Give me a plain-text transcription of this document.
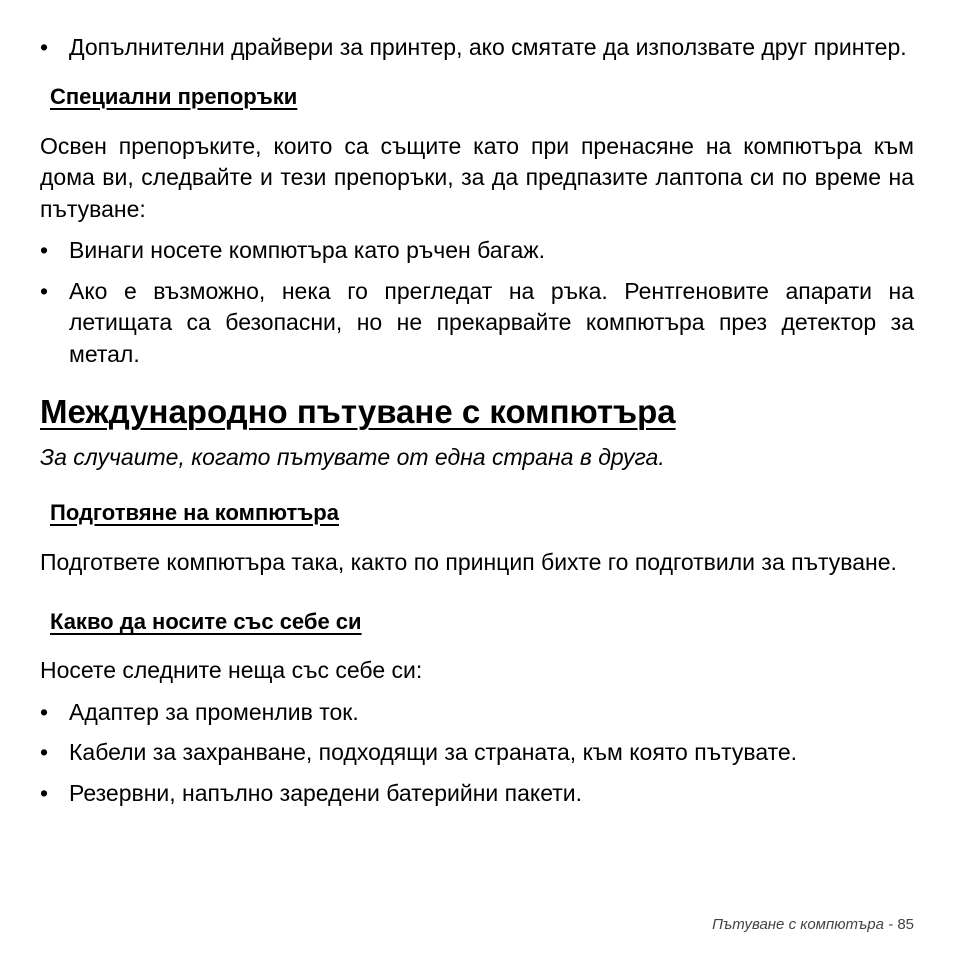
• Допълнителни драйвери за принтер, ако смятате да използвате друг принтер.
Специални препоръки

Освен препоръките, които са същите като при пренасяне на компютъра към дома ви, следвайте и тези препоръки, за да предпазите лаптопа си по време на пътуване:

• Винаги носете компютъра като ръчен багаж.
• Ако е възможно, нека го прегледат на ръка. Рентгеновите апарати на летищата са безопасни, но не прекарвайте компютъра през детектор за метал.
Международно пътуване с компютъра

За случаите, когато пътувате от една страна в друга.

Подготвяне на компютъра

Подгответе компютъра така, както по принцип бихте го подготвили за пътуване.

Какво да носите със себе си

Носете следните неща със себе си:

• Адаптер за променлив ток.
• Кабели за захранване, подходящи за страната, към която пътувате.
• Резервни, напълно заредени батерийни пакети.
Пътуване с компютъра - 85
